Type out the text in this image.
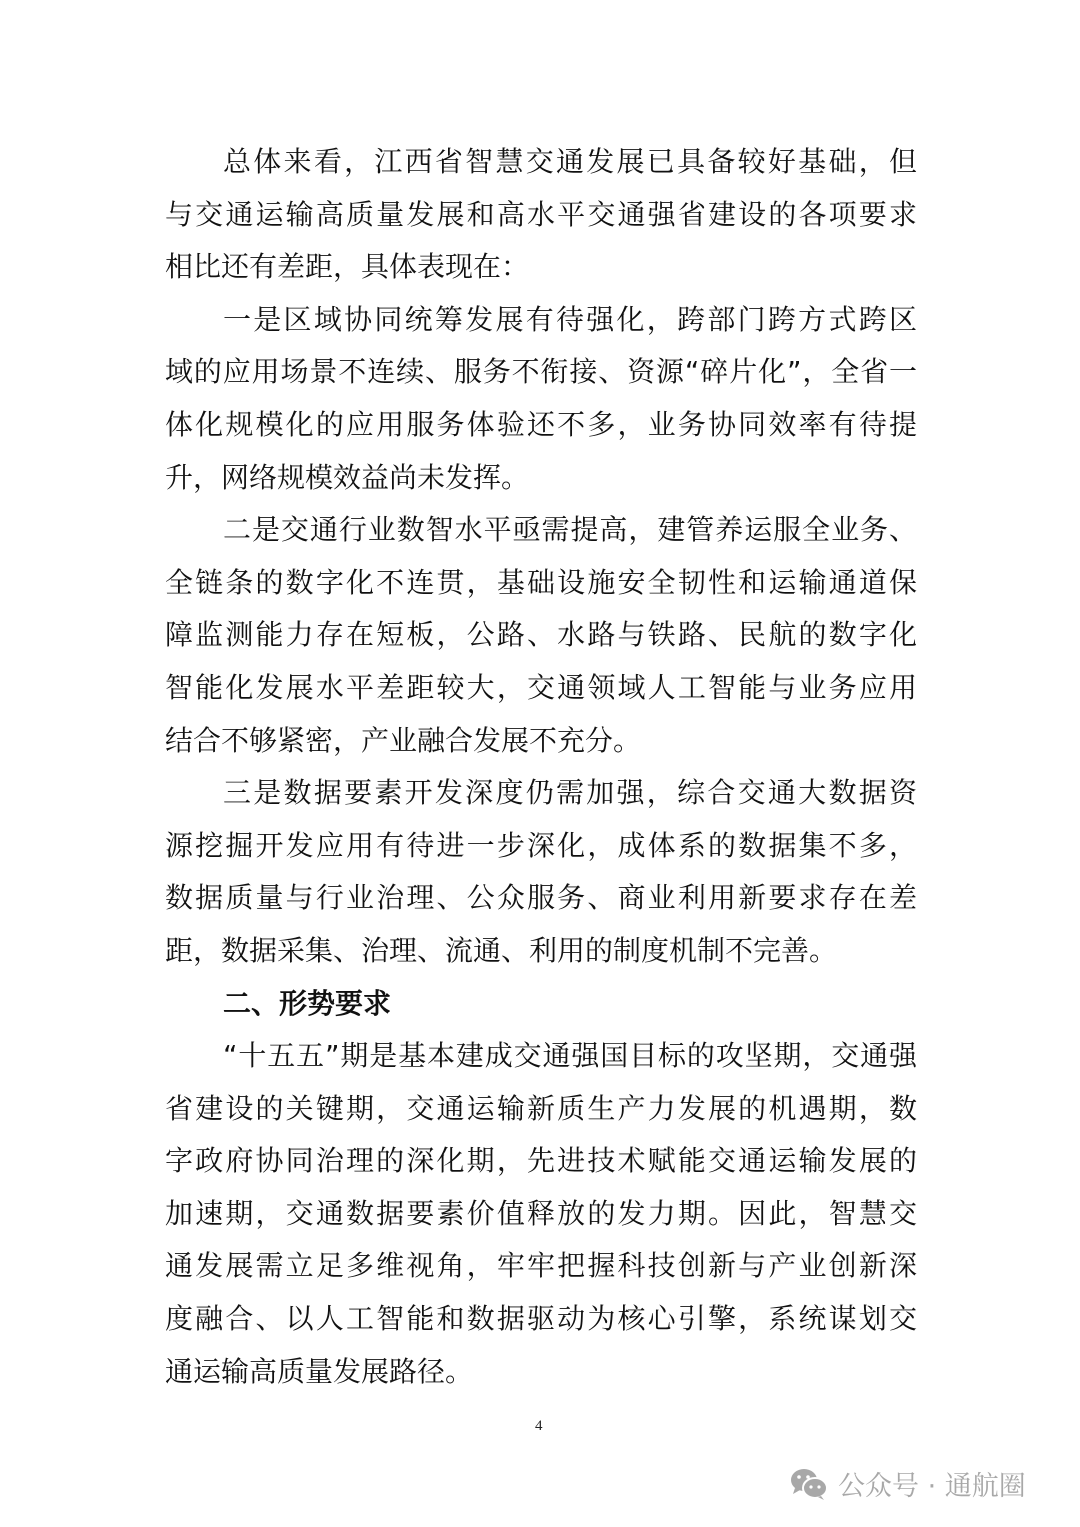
总体来看，江西省智慧交通发展已具备较好基础，但
与交通运输高质量发展和高水平交通强省建设的各项要求
相比还有差距，具体表现在：
一是区域协同统筹发展有待强化，跨部门跨方式跨区
域的应用场景不连续、服务不衔接、资源“碎片化”，全省一
体化规模化的应用服务体验还不多，业务协同效率有待提
升，网络规模效益尚未发挥。
二是交通行业数智水平亟需提高，建管养运服全业务、
全链条的数字化不连贯，基础设施安全韧性和运输通道保
障监测能力存在短板，公路、水路与铁路、民航的数字化
智能化发展水平差距较大，交通领域人工智能与业务应用
结合不够紧密，产业融合发展不充分。
三是数据要素开发深度仍需加强，综合交通大数据资
源挖掘开发应用有待进一步深化，成体系的数据集不多，
数据质量与行业治理、公众服务、商业利用新要求存在差
距，数据采集、治理、流通、利用的制度机制不完善。
二、形势要求
“十五五”期是基本建成交通强国目标的攻坚期，交通强
省建设的关键期，交通运输新质生产力发展的机遇期，数
字政府协同治理的深化期，先进技术赋能交通运输发展的
加速期，交通数据要素价值释放的发力期。因此，智慧交
通发展需立足多维视角，牢牢把握科技创新与产业创新深
度融合、以人工智能和数据驱动为核心引擎，系统谋划交
通运输高质量发展路径。
4
公众号 · 通航圈
